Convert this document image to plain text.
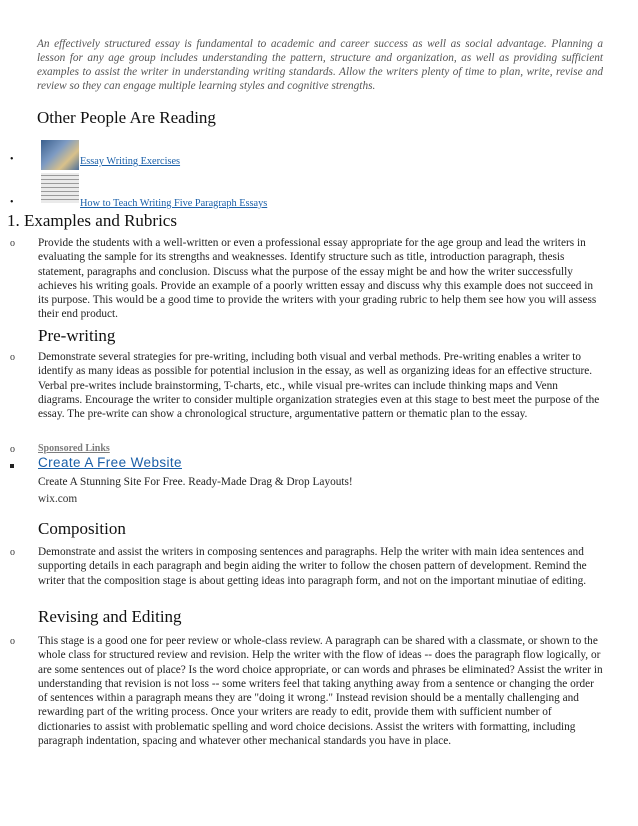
An effectively structured essay is fundamental to academic and career success as well as social advantage. Planning a lesson for any age group includes understanding the pattern, structure and organization, as well as providing sufficient examples to assist the writer in understanding writing standards. Allow the writers plenty of time to plan, write, revise and review so they can engage multiple learning styles and cognitive strengths.
Other People Are Reading
•	Essay Writing Exercises
•	How to Teach Writing Five Paragraph Essays
1. Examples and Rubrics
o Provide the students with a well-written or even a professional essay appropriate for the age group and lead the writers in evaluating the sample for its strengths and weaknesses. Identify structure such as title, introduction paragraph, thesis statement, paragraphs and conclusion. Discuss what the purpose of the essay might be and how the writer successfully achieves his writing goals. Provide an example of a poorly written essay and discuss why this example does not succeed in its purpose. This would be a good time to provide the writers with your grading rubric to help them see how you will assess their end product.
Pre-writing
o Demonstrate several strategies for pre-writing, including both visual and verbal methods. Pre-writing enables a writer to identify as many ideas as possible for potential inclusion in the essay, as well as organizing ideas for an effective structure. Verbal pre-writes include brainstorming, T-charts, etc., while visual pre-writes can include thinking maps and Venn diagrams. Encourage the writer to consider multiple organization strategies even at this stage to best meet the purpose of the essay. The pre-write can show a chronological structure, argumentative pattern or thematic plan to the essay.
o Sponsored Links
Create A Free Website
Create A Stunning Site For Free. Ready-Made Drag & Drop Layouts!
wix.com
Composition
o Demonstrate and assist the writers in composing sentences and paragraphs. Help the writer with main idea sentences and supporting details in each paragraph and begin aiding the writer to follow the chosen pattern of development. Remind the writer that the composition stage is about getting ideas into paragraph form, and not on the important minutiae of editing.
Revising and Editing
o This stage is a good one for peer review or whole-class review. A paragraph can be shared with a classmate, or shown to the whole class for structured review and revision. Help the writer with the flow of ideas -- does the paragraph flow logically, or are some sentences out of place? Is the word choice appropriate, or can words and phrases be eliminated? Assist the writer in understanding that revision is not loss -- some writers feel that taking anything away from a sentence or changing the order of sentences within a paragraph means they are "doing it wrong." Instead revision should be a mentally challenging and rewarding part of the writing process. Once your writers are ready to edit, provide them with sufficient number of dictionaries to assist with problematic spelling and word choice decisions. Assist the writers with formatting, including paragraph indentation, spacing and whatever other mechanical standards you have in place.
